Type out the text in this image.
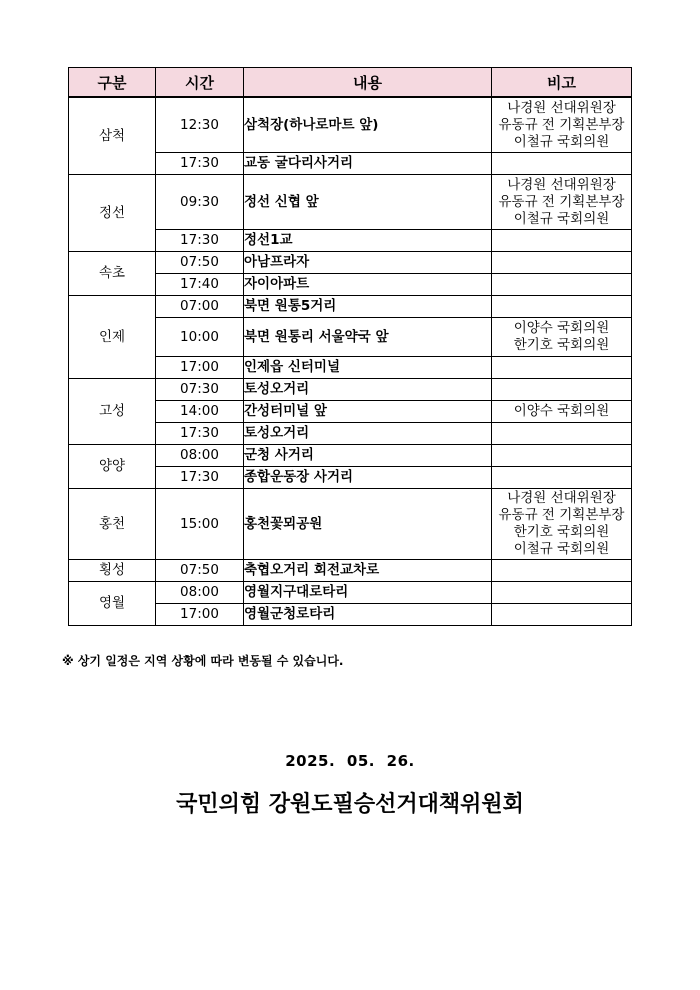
구분	시간	내용	비고
삼척	12:30	삼척장(하나로마트 앞)	나경원 선대위원장
유동규 전 기획본부장
이철규 국회의원

	17:30	교동 굴다리사거리	
정선	09:30	정선 신협 앞	나경원 선대위원장
유동규 전 기획본부장
이철규 국회의원

	17:30	정선1교	
속초	07:50	아남프라자	
	17:40	자이아파트	
인제	07:00	북면 원통5거리	
	10:00	북면 원통리 서울약국 앞	이양수 국회의원
한기호 국회의원

	17:00	인제읍 신터미널	
고성	07:30	토성오거리	
	14:00	간성터미널 앞	이양수 국회의원

	17:30	토성오거리	
양양	08:00	군청 사거리	
	17:30	종합운동장 사거리	
홍천	15:00	홍천꽃뫼공원	나경원 선대위원장
유동규 전 기획본부장
한기호 국회의원
이철규 국회의원

횡성	07:50	축협오거리 회전교차로	
영월	08:00	영월지구대로타리	
	17:00	영월군청로타리	
※ 상기 일정은 지역 상황에 따라 변동될 수 있습니다.
2025. 05. 26.
국민의힘 강원도필승선거대책위원회
